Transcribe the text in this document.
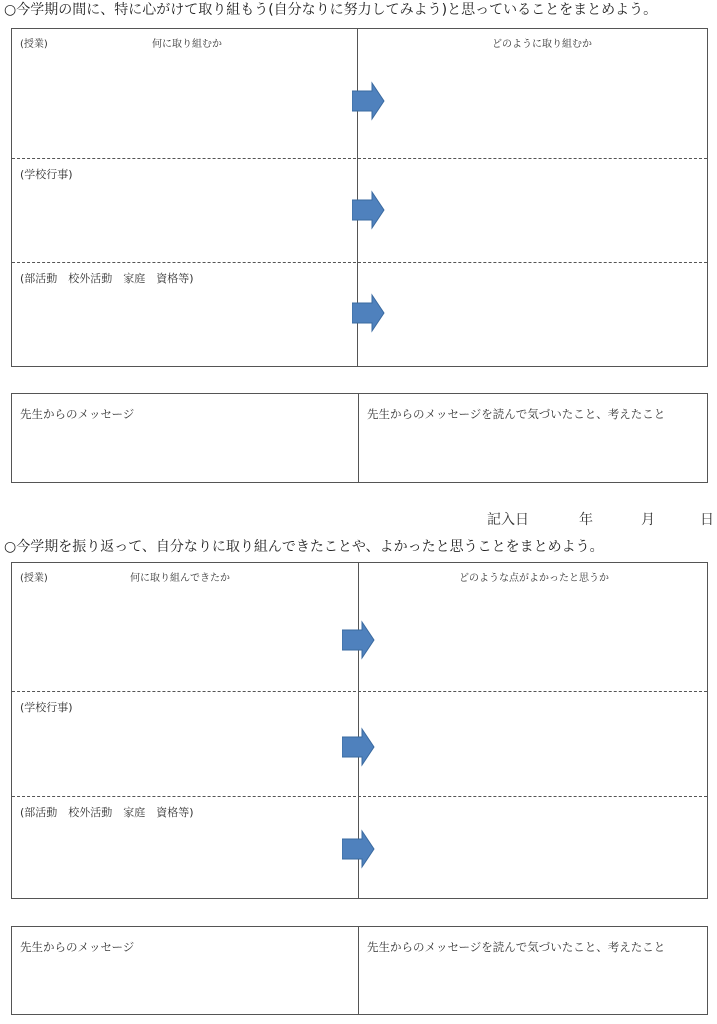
○今学期の間に、特に心がけて取り組もう(自分なりに努力してみよう)と思っていることをまとめよう。
(授業)	何に取り組むか	どのように取り組むか
(学校行事)
(部活動　校外活動　家庭　資格等)
先生からのメッセージ	先生からのメッセージを読んで気づいたこと、考えたこと
記入日	年	月	日
○今学期を振り返って、自分なりに取り組んできたことや、よかったと思うことをまとめよう。
(授業)	何に取り組んできたか	どのような点がよかったと思うか
(学校行事)
(部活動　校外活動　家庭　資格等)
先生からのメッセージ	先生からのメッセージを読んで気づいたこと、考えたこと
